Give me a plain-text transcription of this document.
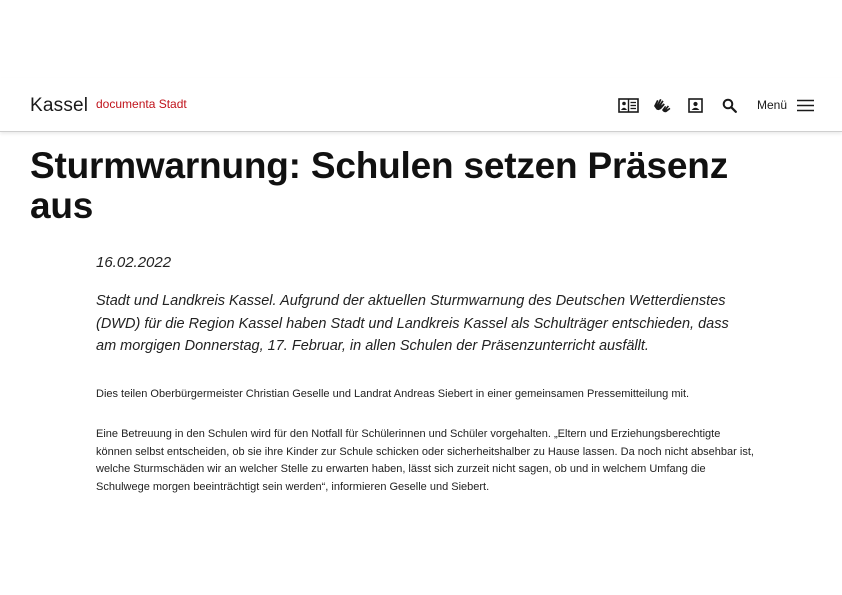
Kassel documenta Stadt	Menü
Sturmwarnung: Schulen setzen Präsenz aus
16.02.2022

Stadt und Landkreis Kassel. Aufgrund der aktuellen Sturmwarnung des Deutschen Wetterdienstes (DWD) für die Region Kassel haben Stadt und Landkreis Kassel als Schulträger entschieden, dass am morgigen Donnerstag, 17. Februar, in allen Schulen der Präsenzunterricht ausfällt.

Dies teilen Oberbürgermeister Christian Geselle und Landrat Andreas Siebert in einer gemeinsamen Pressemitteilung mit.

Eine Betreuung in den Schulen wird für den Notfall für Schülerinnen und Schüler vorgehalten. „Eltern und Erziehungsberechtigte können selbst entscheiden, ob sie ihre Kinder zur Schule schicken oder sicherheitshalber zu Hause lassen. Da noch nicht absehbar ist, welche Sturmschäden wir an welcher Stelle zu erwarten haben, lässt sich zurzeit nicht sagen, ob und in welchem Umfang die Schulwege morgen beeinträchtigt sein werden“, informieren Geselle und Siebert.
